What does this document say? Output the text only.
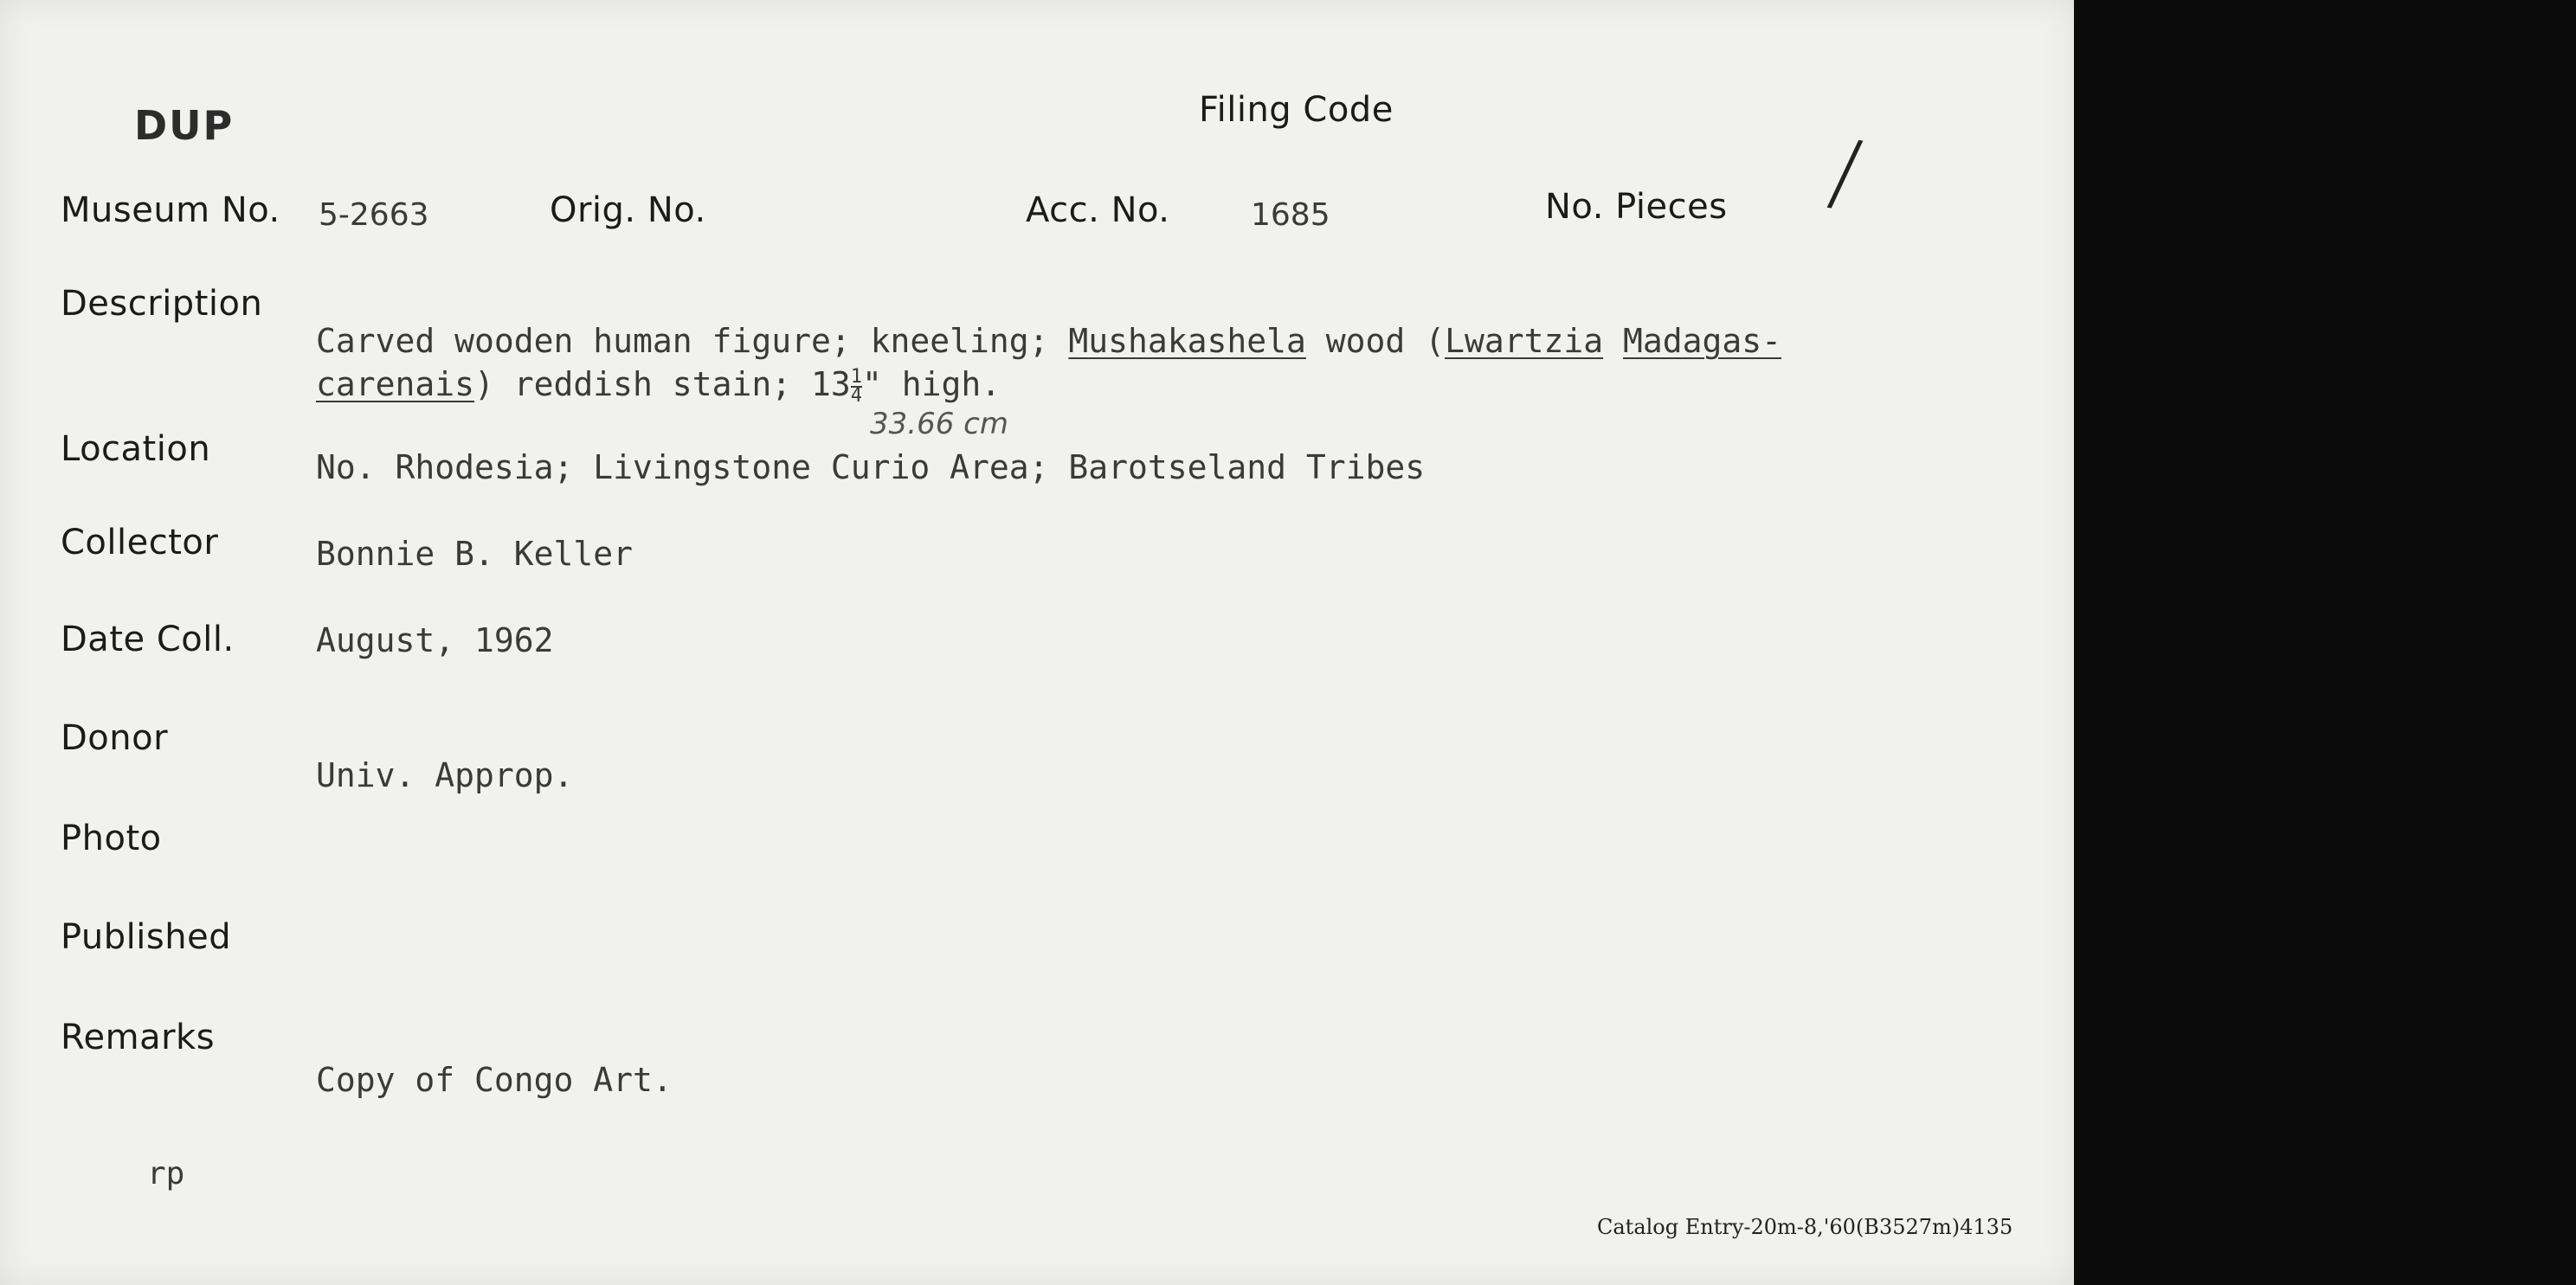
DUP	Filing Code
/
Museum No. 5-2663	Orig. No.	Acc. No.	1685	No. Pieces
Description
Carved wooden human figure; kneeling; Mushakashela wood (Lwartzia Madagas-
carenais) reddish stain; $13 \frac{1}{4}$ " high.
33.66 cm
Location	No. Rhodesia; Livingstone Curio Area; Barotseland Tribes
Collector	Bonnie B. Keller
Date Coll. August, 1962
Donor
Univ. Approp.
Photo
Published
Remarks
Copy of Congo Art.
rp
Catalog Entry-20m-8,'60(B3527m)4135
